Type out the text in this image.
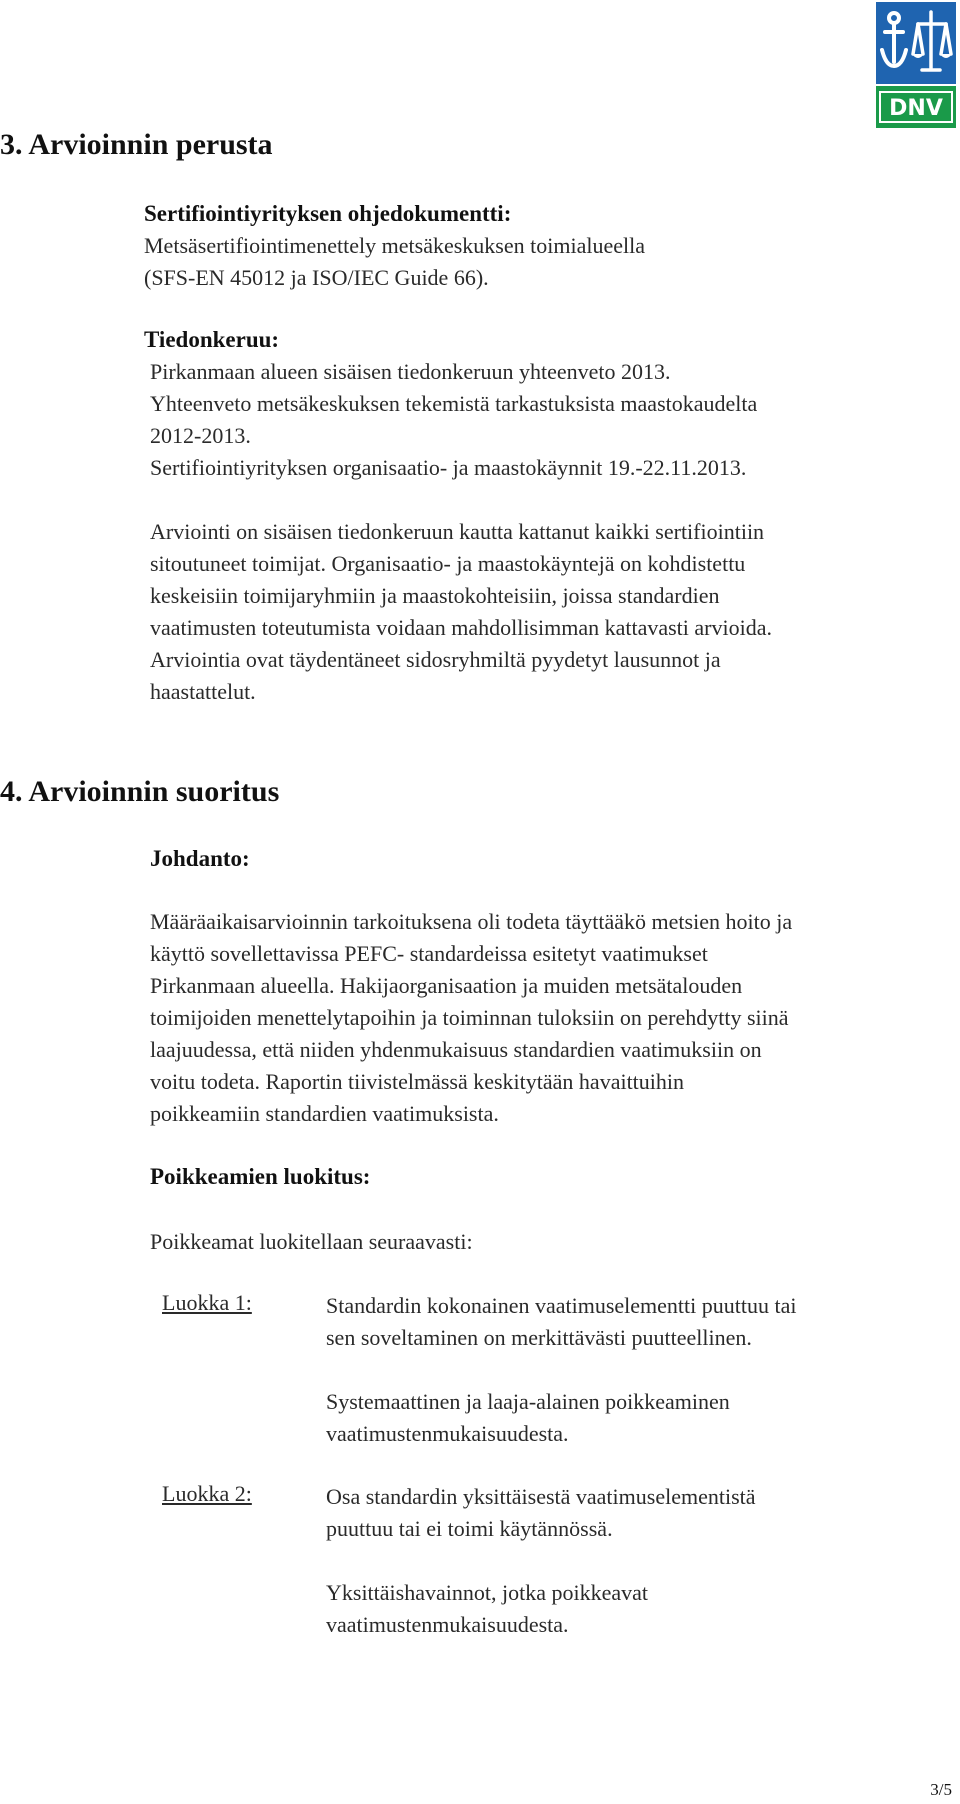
DNV
3. Arvioinnin perusta
Sertifiointiyrityksen ohjedokumentti:
Metsäsertifiointimenettely metsäkeskuksen toimialueella
(SFS-EN 45012 ja ISO/IEC Guide 66).
Tiedonkeruu:
Pirkanmaan alueen sisäisen tiedonkeruun yhteenveto 2013.
Yhteenveto metsäkeskuksen tekemistä tarkastuksista maastokaudelta
2012-2013.
Sertifiointiyrityksen organisaatio- ja maastokäynnit 19.-22.11.2013.
Arviointi on sisäisen tiedonkeruun kautta kattanut kaikki sertifiointiin
sitoutuneet toimijat. Organisaatio- ja maastokäyntejä on kohdistettu
keskeisiin toimijaryhmiin ja maastokohteisiin, joissa standardien
vaatimusten toteutumista voidaan mahdollisimman kattavasti arvioida.
Arviointia ovat täydentäneet sidosryhmiltä pyydetyt lausunnot ja
haastattelut.
4. Arvioinnin suoritus
Johdanto:
Määräaikaisarvioinnin tarkoituksena oli todeta täyttääkö metsien hoito ja
käyttö sovellettavissa PEFC- standardeissa esitetyt vaatimukset
Pirkanmaan alueella. Hakijaorganisaation ja muiden metsätalouden
toimijoiden menettelytapoihin ja toiminnan tuloksiin on perehdytty siinä
laajuudessa, että niiden yhdenmukaisuus standardien vaatimuksiin on
voitu todeta. Raportin tiivistelmässä keskitytään havaittuihin
poikkeamiin standardien vaatimuksista.
Poikkeamien luokitus:
Poikkeamat luokitellaan seuraavasti:
Luokka 1:	Standardin kokonainen vaatimuselementti puuttuu tai
sen soveltaminen on merkittävästi puutteellinen.
Systemaattinen ja laaja-alainen poikkeaminen
vaatimustenmukaisuudesta.
Luokka 2:	Osa standardin yksittäisestä vaatimuselementistä
puuttuu tai ei toimi käytännössä.
Yksittäishavainnot, jotka poikkeavat
vaatimustenmukaisuudesta.
3/5
